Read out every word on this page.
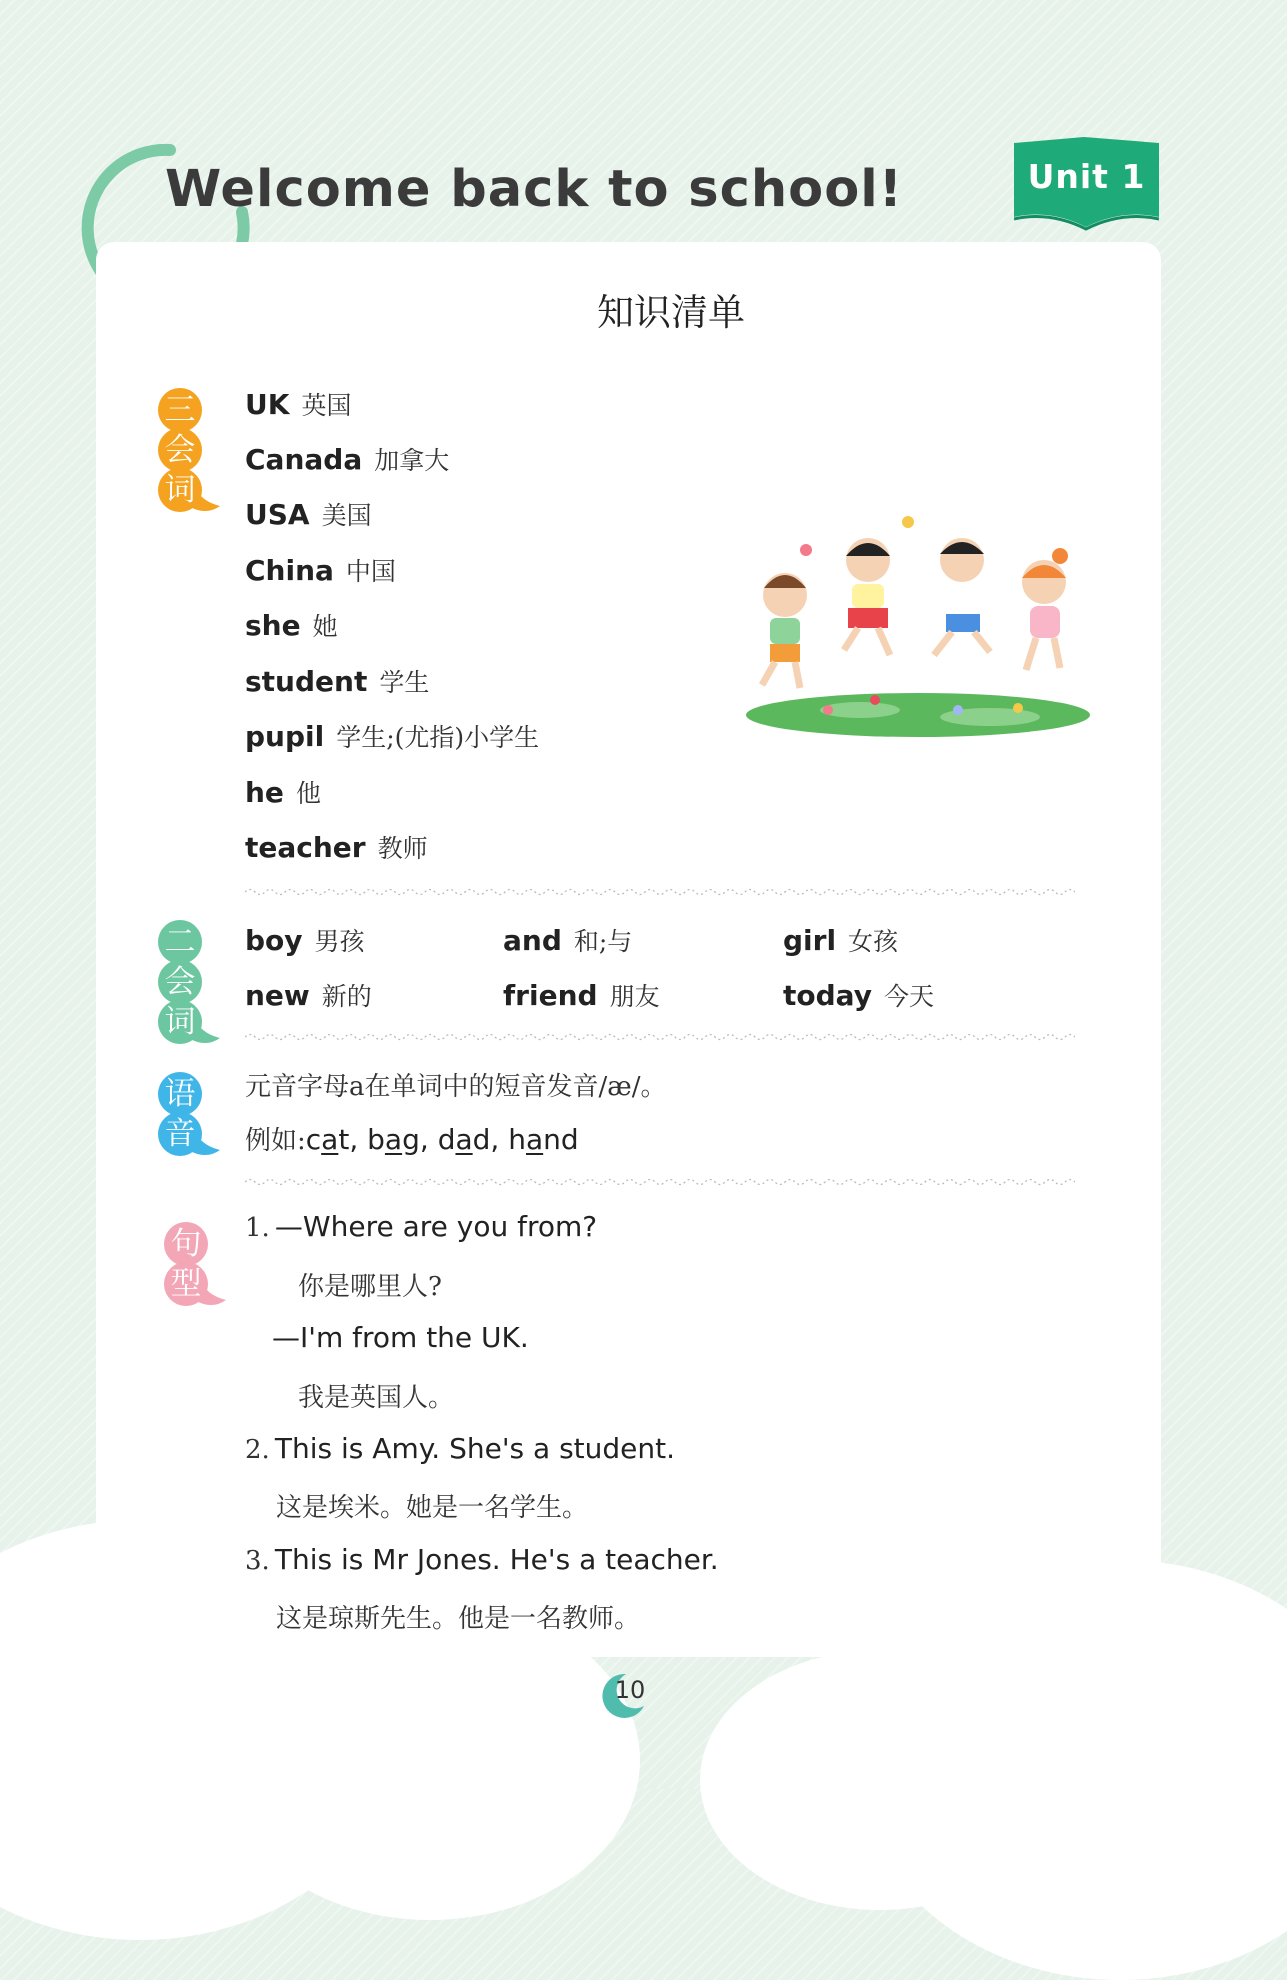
Welcome back to school!	Unit 1
知识清单
三
会
词
UK 英国
Canada 加拿大
USA 美国
China 中国
she 她
student 学生
pupil 学生;(尤指)小学生
he 他
teacher 教师
二
会
词
boy 男孩	and 和;与	girl 女孩
new 新的	friend 朋友	today 今天
语
音
元音字母a在单词中的短音发音/æ/。
例如:cat, bag, dad, hand
句
型
1. —Where are you from?
你是哪里人?
—I'm from the UK.
我是英国人。
2. This is Amy. She's a student.
这是埃米。她是一名学生。
3. This is Mr Jones. He's a teacher.
这是琼斯先生。他是一名教师。
10
